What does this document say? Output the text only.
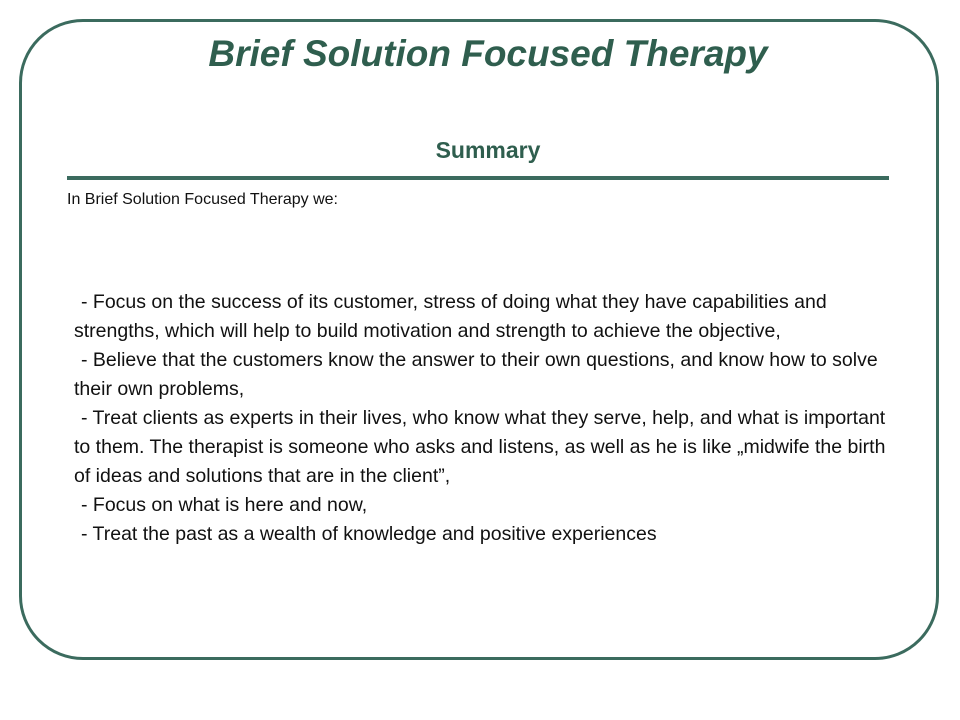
Brief Solution Focused Therapy
Summary
In Brief Solution Focused Therapy we:

- Focus on the success of its customer, stress of doing what they have capabilities and strengths, which will help to build motivation and strength to achieve the objective,

- Believe that the customers know the answer to their own questions, and know how to solve their own problems,

- Treat clients as experts in their lives, who know what they serve, help, and what is important to them. The therapist is someone who asks and listens, as well as he is like „midwife the birth of ideas and solutions that are in the client”,

- Focus on what is here and now,

- Treat the past as a wealth of knowledge and positive experiences
